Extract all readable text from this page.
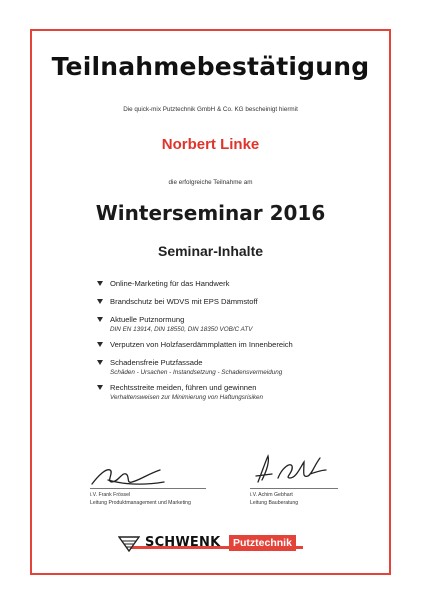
Teilnahmebestätigung
Die quick-mix Putztechnik GmbH & Co. KG bescheinigt hiermit
Norbert Linke
die erfolgreiche Teilnahme am
Winterseminar 2016
Seminar-Inhalte
Online-Marketing für das Handwerk
Brandschutz bei WDVS mit EPS Dämmstoff
Aktuelle Putznormung
DIN EN 13914, DIN 18550, DIN 18350 VOB/C ATV
Verputzen von Holzfaserdämmplatten im Innenbereich
Schadensfreie Putzfassade
Schäden - Ursachen - Instandsetzung - Schadensvermeidung
Rechtsstreite meiden, führen und gewinnen
Verhaltensweisen zur Minimierung von Haftungsrisiken
i.V. Frank Frössel
Leitung Produktmanagement und Marketing
i.V. Achim Gebhart
Leitung Bauberatung
SCHWENK	Putztechnik
